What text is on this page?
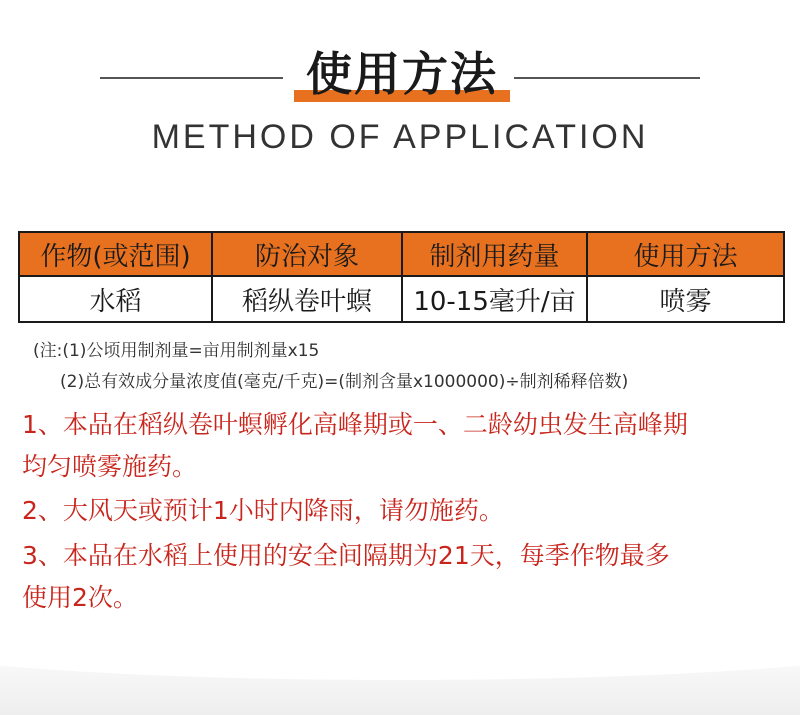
使用方法
METHOD OF APPLICATION
作物(或范围)	防治对象	制剂用药量	使用方法
水稻	稻纵卷叶螟	10-15毫升/亩	喷雾
(注:(1)公顷用制剂量=亩用制剂量x15
(2)总有效成分量浓度值(毫克/千克)=(制剂含量x1000000)÷制剂稀释倍数)
1、本品在稻纵卷叶螟孵化高峰期或一、二龄幼虫发生高峰期
均匀喷雾施药。
2、大风天或预计1小时内降雨，请勿施药。
3、本品在水稻上使用的安全间隔期为21天，每季作物最多
使用2次。
